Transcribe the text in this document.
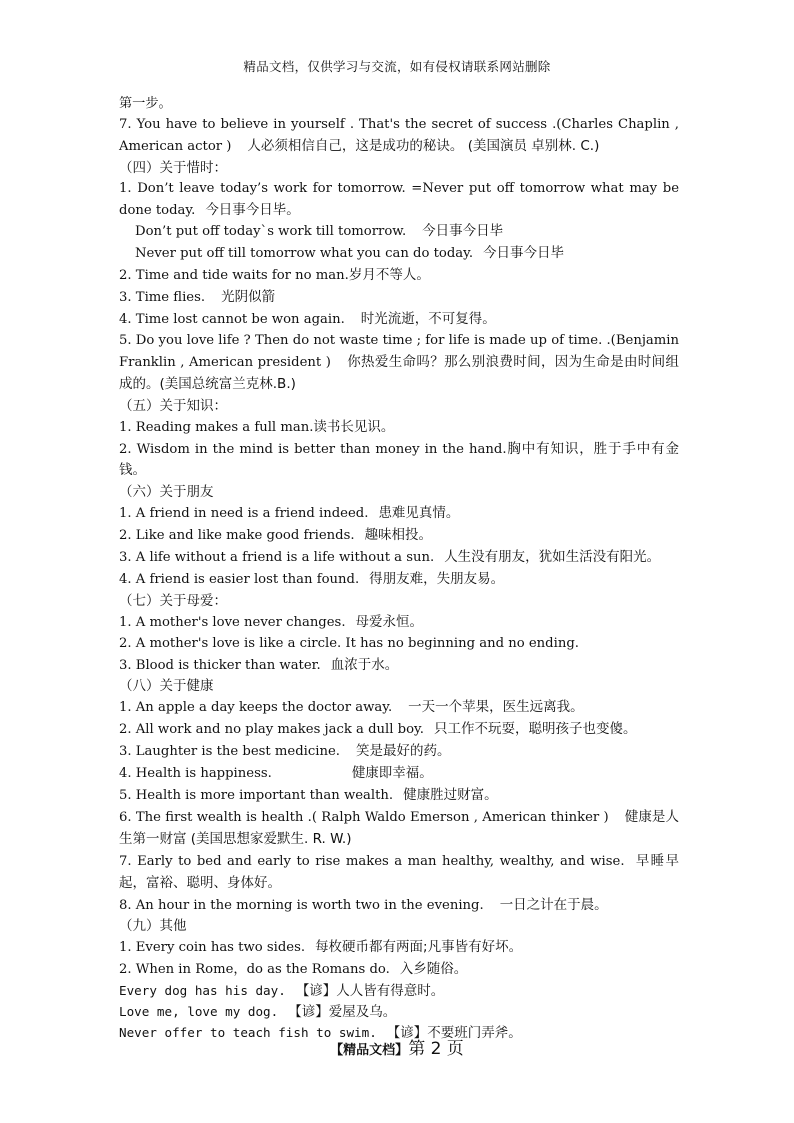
精品文档，仅供学习与交流，如有侵权请联系网站删除
第一步。
7. You have to believe in yourself . That's the secret of success .(Charles Chaplin , American actor ) 人必须相信自己，这是成功的秘诀。 (美国演员 卓别林. C.)
（四）关于惜时：
1. Don’t leave today’s work for tomorrow. =Never put off tomorrow what may be done today. 今日事今日毕。
Don’t put off today`s work till tomorrow. 今日事今日毕
Never put off till tomorrow what you can do today. 今日事今日毕
2. Time and tide waits for no man.岁月不等人。
3. Time flies. 光阴似箭
4. Time lost cannot be won again. 时光流逝，不可复得。
5. Do you love life ? Then do not waste time ; for life is made up of time. .(Benjamin Franklin , American president ) 你热爱生命吗？那么别浪费时间，因为生命是由时间组成的。(美国总统富兰克林.B.)
（五）关于知识：
1. Reading makes a full man.读书长见识。
2. Wisdom in the mind is better than money in the hand.胸中有知识，胜于手中有金钱。
（六）关于朋友
1. A friend in need is a friend indeed. 患难见真情。
2. Like and like make good friends. 趣味相投。
3. A life without a friend is a life without a sun. 人生没有朋友，犹如生活没有阳光。
4. A friend is easier lost than found. 得朋友难，失朋友易。
（七）关于母爱：
1. A mother's love never changes. 母爱永恒。
2. A mother's love is like a circle. It has no beginning and no ending.
3. Blood is thicker than water. 血浓于水。
（八）关于健康
1. An apple a day keeps the doctor away. 一天一个苹果，医生远离我。
2. All work and no play makes jack a dull boy. 只工作不玩耍，聪明孩子也变傻。
3. Laughter is the best medicine. 笑是最好的药。
4. Health is happiness.	健康即幸福。
5. Health is more important than wealth. 健康胜过财富。
6. The first wealth is health .( Ralph Waldo Emerson , American thinker ) 健康是人生第一财富 (美国思想家爱默生. R. W.)
7. Early to bed and early to rise makes a man healthy, wealthy, and wise. 早睡早起，富裕、聪明、身体好。
8. An hour in the morning is worth two in the evening. 一日之计在于晨。
（九）其他
1. Every coin has two sides. 每枚硬币都有两面;凡事皆有好坏。
2. When in Rome，do as the Romans do. 入乡随俗。
Every dog has his day. 【谚】人人皆有得意时。
Love me, love my dog. 【谚】爱屋及乌。
Never offer to teach fish to swim. 【谚】不要班门弄斧。
【精品文档】第 2 页
